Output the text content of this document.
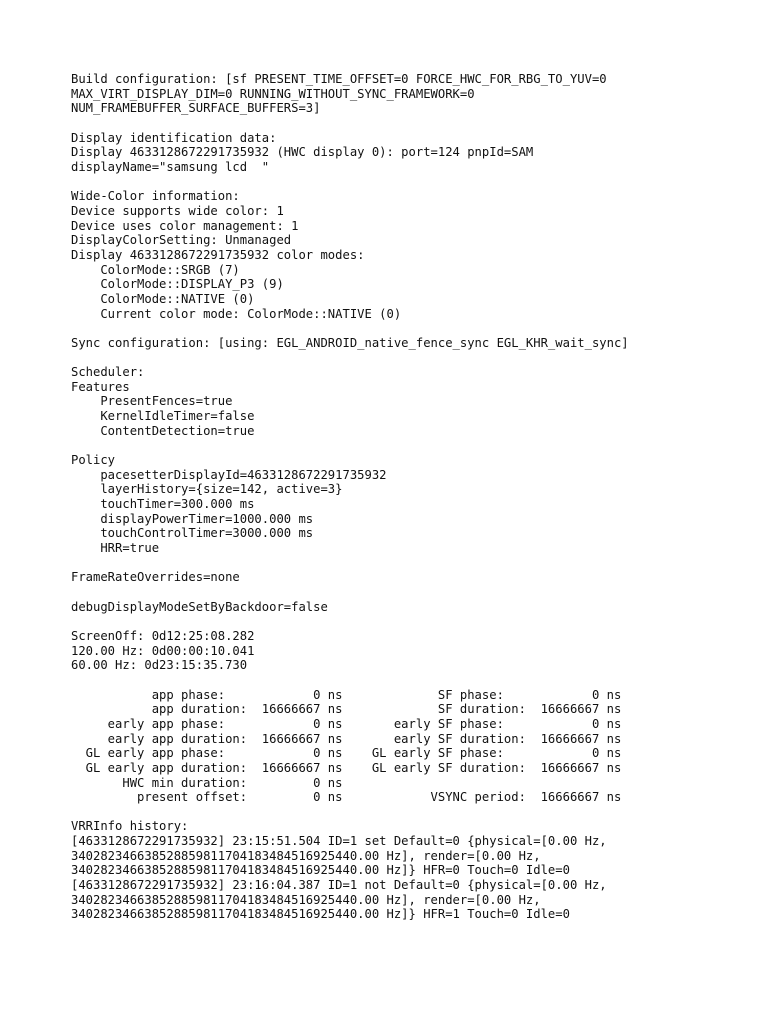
Build configuration: [sf PRESENT_TIME_OFFSET=0 FORCE_HWC_FOR_RBG_TO_YUV=0
MAX_VIRT_DISPLAY_DIM=0 RUNNING_WITHOUT_SYNC_FRAMEWORK=0
NUM_FRAMEBUFFER_SURFACE_BUFFERS=3]
Display identification data:
Display 4633128672291735932 (HWC display 0): port=124 pnpId=SAM
displayName="samsung lcd  "
Wide-Color information:
Device supports wide color: 1
Device uses color management: 1
DisplayColorSetting: Unmanaged
Display 4633128672291735932 color modes:
ColorMode::SRGB (7)
ColorMode::DISPLAY_P3 (9)
ColorMode::NATIVE (0)
Current color mode: ColorMode::NATIVE (0)
Sync configuration: [using: EGL_ANDROID_native_fence_sync EGL_KHR_wait_sync]
Scheduler:
Features
PresentFences=true
KernelIdleTimer=false
ContentDetection=true
Policy
pacesetterDisplayId=4633128672291735932
layerHistory={size=142, active=3}
touchTimer=300.000 ms
displayPowerTimer=1000.000 ms
touchControlTimer=3000.000 ms
HRR=true
FrameRateOverrides=none
debugDisplayModeSetByBackdoor=false
ScreenOff: 0d12:25:08.282
120.00 Hz: 0d00:00:10.041
60.00 Hz: 0d23:15:35.730
app phase:            0 ns             SF phase:            0 ns
app duration:  16666667 ns             SF duration:  16666667 ns
early app phase:            0 ns       early SF phase:            0 ns
early app duration:  16666667 ns       early SF duration:  16666667 ns
GL early app phase:            0 ns    GL early SF phase:            0 ns
GL early app duration:  16666667 ns    GL early SF duration:  16666667 ns
HWC min duration:         0 ns
present offset:         0 ns            VSYNC period:  16666667 ns
VRRInfo history:
[4633128672291735932] 23:15:51.504 ID=1 set Default=0 {physical=[0.00 Hz,
340282346638528859811704183484516925440.00 Hz], render=[0.00 Hz,
340282346638528859811704183484516925440.00 Hz]} HFR=0 Touch=0 Idle=0
[4633128672291735932] 23:16:04.387 ID=1 not Default=0 {physical=[0.00 Hz,
340282346638528859811704183484516925440.00 Hz], render=[0.00 Hz,
340282346638528859811704183484516925440.00 Hz]} HFR=1 Touch=0 Idle=0
